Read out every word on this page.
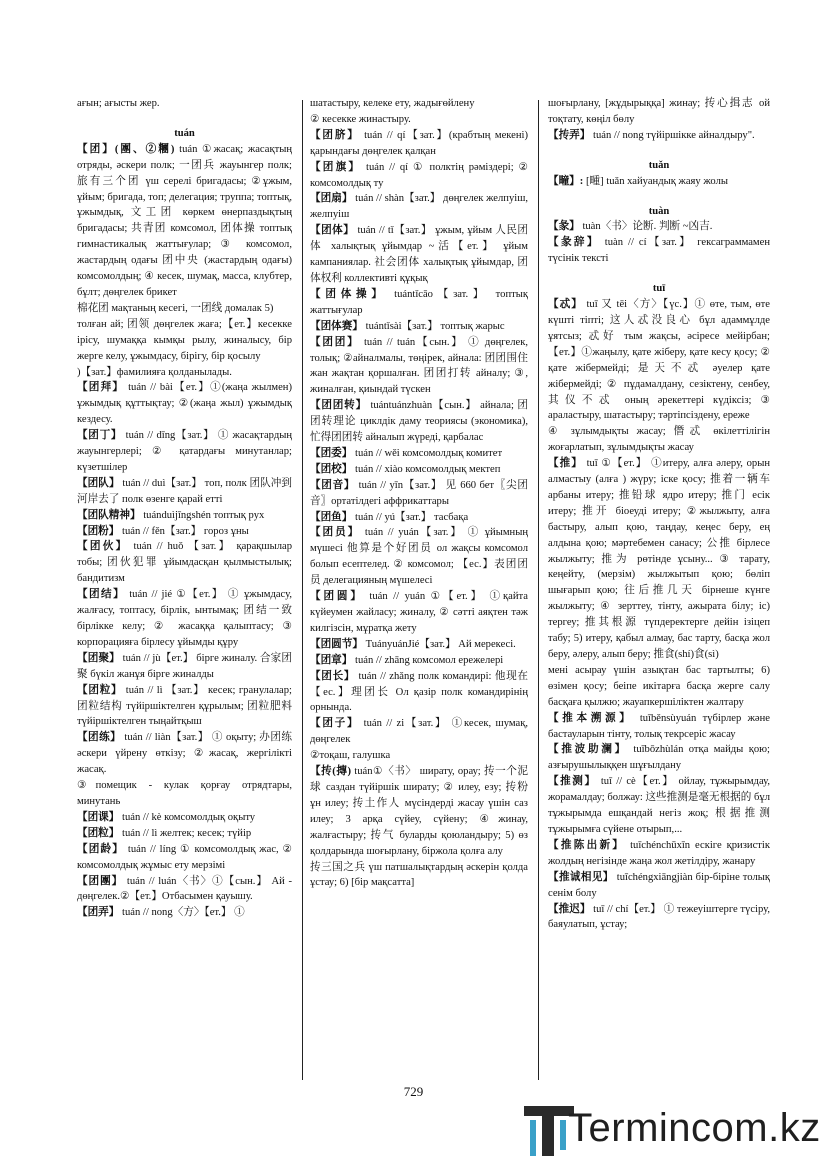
ағын; ағысты жер.

tuán

【团】(團、②糰) tuán ①жасақ; жасақтың отряды, әскери полк; 一团兵 жауынгер полк; 旅有三个团 үш серелі бригадасы; ②ұжым, ұйым; бригада, топ; делегация; труппа; топтық, ұжымдық, 文工团 көркем өнерпаздықтың бригадасы; 共青团 комсомол, 团体操 топтық гимнастикалық жаттығулар; ③ комсомол, жастардың одағы 团中央 (жастардың одағы) комсомолдың; ④ кесек, шумақ, масса, клубтер, бұлт; дөңгелек брикет

棉花团 мақтаның кесегі, 一团线 домалак 5)

толған ай; 团领 дөңгелек жаға;【ет.】кесекке ірісу, шумаққа кымқы рылу, жиналысу, бір жерге келу, ұжымдасу, бірігу, бір қосылу

)【зат.】фамилияға қолданылады.

【团拜】 tuán // bài【ет.】①(жаңа жылмен) ұжымдық құттықтау; ②(жаңа жыл) ұжымдық кездесу.

【团丁】 tuán // dīng【зат.】 ① жасақтардың жауынгерлері; ② қатардағы минутанлар; күзетшілер

【团队】 tuán // duì【зат.】 топ, полк 团队冲到河岸去了 полк өзенге қарай етті

【团队精神】 tuánduìjīngshén топтық рух

【团粉】 tuán // fěn【зат.】 гороз ұны

【团伙】 tuán // huǒ 【зат.】 қарақшылар тобы; 团伙犯罪 ұйымдасқан қылмыстылық; бандитизм

【团结】 tuán // jié ①【ет.】 ① ұжымдасу, жалғасу, топтасу, бірлік, ынтымақ; 团结一致 бірлікке келу; ② жасаққа қалыптасу; ③ корпорацияға бірлесу ұйымды құру

【团聚】 tuán // jù【ет.】 бірге жиналу. 合家团聚 бүкіл жанұя бірге жиналды

【团粒】 tuán // lì 【зат.】 кесек; гранулалар; 团粒结构 түйіршіктелген құрылым; 团粒肥料 түйіршіктелген тыңайтқыш

【团练】 tuán // liàn【зат.】 ① оқыту; 办团练 әскери үйрену өткізу; ②жасақ, жергілікті жасақ.

③помещик - кулак қорғау отрядтары, минутань

【团课】 tuán // kè комсомолдық оқыту

【团粒】 tuán // lì желтек; кесек; түйір

【团龄】 tuán // líng ① комсомолдық жас, ② комсомолдық жұмыс ету мерзімі

【团團】 tuán // luán〈书〉①【сын.】 Ай - дөңгелек.②【ет.】Отбасымен қауышу.

【团弄】 tuán // nong〈方〉【ет.】 ①

шатастыру, келеке ету, жадығөйлену

② кесекке жинастыру.

【团脐】 tuán // qí【зат.】(крабтың мекені) қарындағы дөңгелек қалқан

【团旗】 tuán // qí ① полктің рәміздері; ② комсомолдық ту

【团扇】 tuán // shàn【зат.】 дөңгелек желпуіш, желпуіш

【团体】 tuán // tǐ【зат.】 ұжым, ұйым 人民团体 халықтық ұйымдар ~活【ет.】 ұйым кампаниялар. 社会团体 халықтық ұйымдар, 团体权利 коллективті құқық

【团体操】 tuántǐcāo【зат.】 топтық жаттығулар

【团体赛】 tuántǐsài【зат.】 топтық жарыс

【团团】 tuán // tuán【сын.】 ① дөңгелек, толық; ②айналмалы, төңірек, айнала: 团团围住 жан жақтан қоршалған. 团团打转 айналу; ③, жиналған, қиындай түскен

【团团转】 tuántuánzhuàn【сын.】 айнала; 团团转理论 циклдік даму теориясы (экономика), 忙得团团转 айналып жүреді, қарбалас

【团委】 tuán // wěi комсомолдық комитет

【团校】 tuán // xiào комсомолдық мектеп

【团音】 tuán // yīn【зат.】 见 660 бет〖尖团音〗ортатілдегі аффрикаттары

【团鱼】 tuán // yú【зат.】 тасбақа

【团员】 tuán // yuán【зат.】 ① ұйымның мүшесі 他算是个好团员 ол жақсы комсомол болып есептелед. ② комсомол; 【ес.】表团团员 делегацияның мүшелесі

【团圆】 tuán // yuán ①【ет.】 ①қайта күйеумен жайласу; жиналу, ② сәтті аяқтен тәж килгізсін, мұратқа жету

【团圆节】 TuányuánJié【зат.】 Ай мерекесі.

【团章】 tuán // zhāng комсомол ережелері

【团长】 tuán // zhǎng полк командирі: 他现在【ес.】理团长 Ол қазір полк командирінің орнында.

【团子】 tuán // zi【зат.】 ①кесек, шумақ, дөңгелек

②тоқаш, галушка

【抟(摶) tuán①〈书〉 ширату, орау; 抟一个泥球 саздан түйіршік ширату; ② илеу, езу; 抟粉 ұн илеу; 抟土作人 мүсіндерді жасау үшін саз илеу; 3 арқа сүйеу, сүйену; ④жинау, жалғастыру; 抟气 буларды қоюландыру; 5) өз қолдарында шоғырлану, біржола қолға алу

抟三国之兵 үш патшалықтардың әскерін қолда ұстау; 6) [бір мақсатта]

шоғырлану, [жұдырыққа] жинау; 抟心揖志 ой тоқтату, көңіл бөлу

【抟弄】 tuán // nong түйіршікке айналдыру".

tuǎn

【疃】: [畽] tuǎn хайуандық жаяу жолы

tuàn

【彖】 tuàn〈书〉论断. 判断 ~凶吉.

【彖辞】 tuàn // cí【зат.】 гексаграммамен түсінік тексті

tuī

【忒】 tuī 又 tēi〈方〉【үс.】① өте, тым, өте күшті тіпті; 这人忒没良心 бұл адаммұлде ұятсыз; 忒好 тым жақсы, әсіресе мейірбан; 【ет.】①жаңылу, қате жіберу, қате кесу қосу; ② қате жібермейді; 是天不忒 әуелер қате жібермейді; ② пұдамалдану, сезіктену, сенбеу, 其仪不忒 оның әрекеттері күдіксіз; ③ араластыру, шатастыру; тәртіпсіздену, ереже

④ зұлымдықты жасау; 僭忒 өкілеттілігін жоғарлатып, зұлымдықты жасау

【推】 tuī ①【ет.】 ①итеру, алға әлеру, орын алмастыу (алға ) жүру; іске қосу; 推着一辆车 арбаны итеру; 推铅球 ядро итеру; 推门 есік итеру; 推开 біоеуді итеру; ②жылжыту, алға бастыру, алып қою, таңдау, кеңес беру, ең алдына қою; мәртебемен санасу; 公推 бірлесе жылжыту; 推为 рөтінде ұсыну... ③ тарату, кеңейту, (мерзім) жылжытып қою; бөліп шығарып қою; 往后推几天 бірнеше күнге жылжыту; ④ зерттеу, тінту, ажырата білу; іс) тергеу; 推其根源 түпдеректерге дейін ізіцеп табу; 5) итеру, қабыл алмау, бас тарту, басқа жол беру, әлеру, алып беру; 推食(shí)食(sì)

мені асырау үшін азықтан бас тартылты; 6) өзімен қосу; беіпе икітарға басқа жерге салу басқаға қылжю; жауапкершіліктен жалтару

【推本溯源】 tuīběnsùyuán түбірлер және бастауларын тінту, толық текрсеріс жасау

【推波助澜】 tuībōzhùlán отқа майды қою; азғырушылыққен шұғылдану

【推测】 tuī // cè【ет.】 ойлау, тұжырымдау, жорамалдау; болжау: 这些推测是毫无根据的 бұл тұжырымда ешқандай негіз жоқ; 根据推测 тұжырымға сүйене отырып,...

【推陈出新】 tuīchénchūxīn ескіге қризистік жолдың негізінде жаңа жол жетілдіру, жанару

【推诚相见】 tuīchéngxiāngjiàn бір-біріне толық сенім болу

【推迟】 tuī // chí【ет.】 ① тежеуіштерге түсіру, баяулатып, ұстау;

729
Termincom.kz
